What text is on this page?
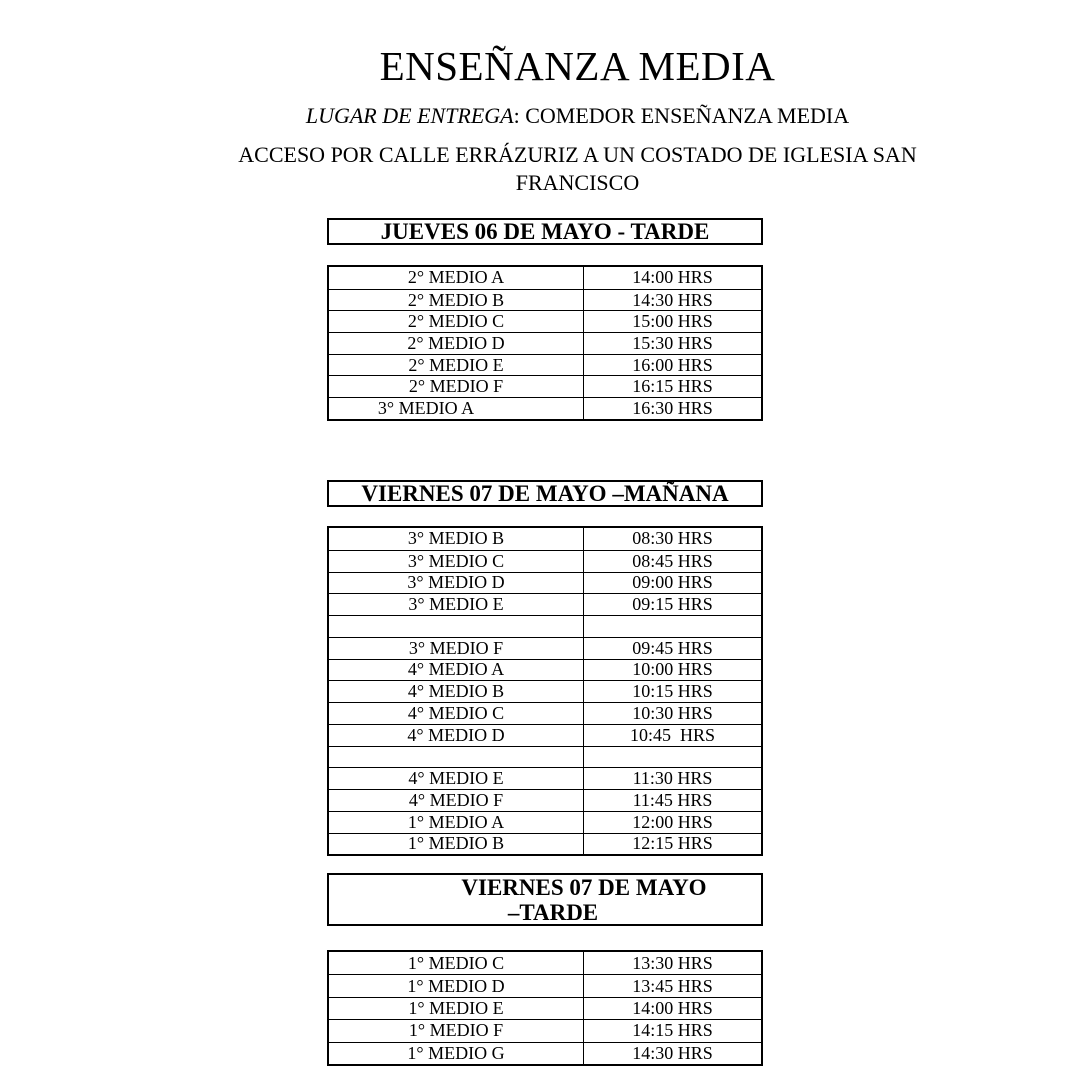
ENSEÑANZA MEDIA
LUGAR DE ENTREGA: COMEDOR ENSEÑANZA MEDIA
ACCESO POR CALLE ERRÁZURIZ A UN COSTADO DE IGLESIA SAN
FRANCISCO
JUEVES 06 DE MAYO - TARDE
2° MEDIO A	14:00 HRS
2° MEDIO B	14:30 HRS
2° MEDIO C	15:00 HRS
2° MEDIO D	15:30 HRS
2° MEDIO E	16:00 HRS
2° MEDIO F	16:15 HRS
3° MEDIO A	16:30 HRS
VIERNES 07 DE MAYO –MAÑANA
3° MEDIO B	08:30 HRS
3° MEDIO C	08:45 HRS
3° MEDIO D	09:00 HRS
3° MEDIO E	09:15 HRS
3° MEDIO F	09:45 HRS
4° MEDIO A	10:00 HRS
4° MEDIO B	10:15 HRS
4° MEDIO C	10:30 HRS
4° MEDIO D	10:45  HRS
4° MEDIO E	11:30 HRS
4° MEDIO F	11:45 HRS
1° MEDIO A	12:00 HRS
1° MEDIO B	12:15 HRS
VIERNES 07 DE MAYO
–TARDE
1° MEDIO C	13:30 HRS
1° MEDIO D	13:45 HRS
1° MEDIO E	14:00 HRS
1° MEDIO F	14:15 HRS
1° MEDIO G	14:30 HRS
